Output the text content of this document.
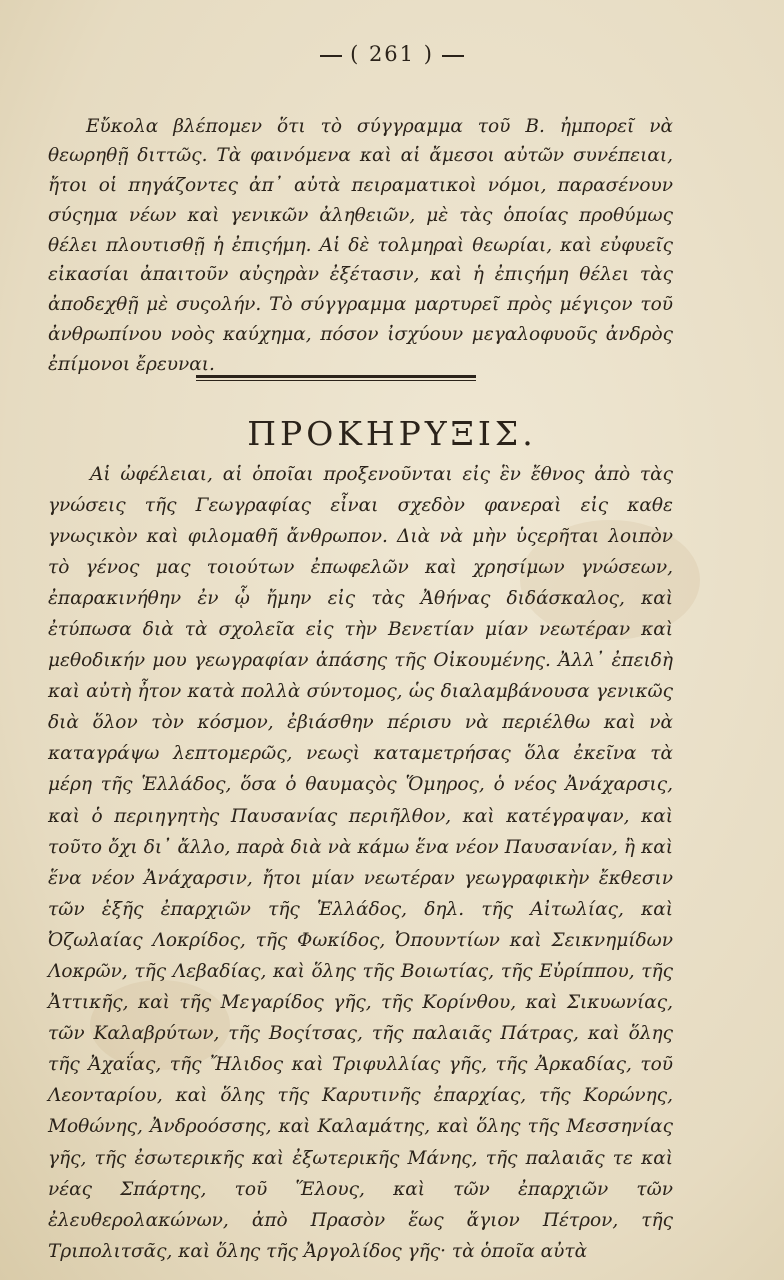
( 261 )

Εὔκολα βλέπομεν ὅτι τὸ σύγγραμμα τοῦ Β. ἠμπορεῖ νὰ θεωρηθῇ διττῶς. Τὰ φαινόμενα καὶ αἱ ἄμεσοι αὐτῶν συνέπειαι, ἤτοι οἱ πηγάζοντες ἀπ᾽ αὐτὰ πειραματικοὶ νόμοι, παρασένουν σύςημα νέων καὶ γενικῶν ἀληθειῶν, μὲ τὰς ὁποίας προθύμως θέλει πλουτισθῇ ἡ ἐπιςήμη. Αἱ δὲ τολμηραὶ θεωρίαι, καὶ εὐφυεῖς εἰκασίαι ἀπαιτοῦν αὐςηρὰν ἐξέτασιν, καὶ ἡ ἐπιςήμη θέλει τὰς ἀποδεχθῇ μὲ συςολήν. Τὸ σύγγραμμα μαρτυρεῖ πρὸς μέγιςον τοῦ ἀνθρωπίνου νοὸς καύχημα, πόσον ἰσχύουν μεγαλοφυοῦς ἀνδρὸς ἐπίμονοι ἔρευναι.

ΠΡΟΚΗΡΥΞΙΣ.

Αἱ ὠφέλειαι, αἱ ὁποῖαι προξενοῦνται εἰς ἓν ἔθνος ἀπὸ τὰς γνώσεις τῆς Γεωγραφίας εἶναι σχεδὸν φανεραὶ εἰς καθε γνωςικὸν καὶ φιλομαθῆ ἄνθρωπον. Διὰ νὰ μὴν ὑςερῆται λοιπὸν τὸ γένος μας τοιούτων ἐπωφελῶν καὶ χρησίμων γνώσεων, ἐπαρακινήθην ἐν ᾧ ἤμην εἰς τὰς Ἀθήνας διδάσκαλος, καὶ ἐτύπωσα διὰ τὰ σχολεῖα εἰς τὴν Βενετίαν μίαν νεωτέραν καὶ μεθοδικήν μου γεωγραφίαν ἁπάσης τῆς Οἰκουμένης. Ἀλλ᾽ ἐπειδὴ καὶ αὐτὴ ἦτον κατὰ πολλὰ σύντομος, ὡς διαλαμβάνουσα γενικῶς διὰ ὅλον τὸν κόσμον, ἐβιάσθην πέρισυ νὰ περιέλθω καὶ νὰ καταγράψω λεπτομερῶς, νεωςὶ καταμετρήσας ὅλα ἐκεῖνα τὰ μέρη τῆς Ἑλλάδος, ὅσα ὁ θαυμαςὸς Ὅμηρος, ὁ νέος Ἀνάχαρσις, καὶ ὁ περιηγητὴς Παυσανίας περιῆλθον, καὶ κατέγραψαν, καὶ τοῦτο ὄχι δι᾽ ἄλλο, παρὰ διὰ νὰ κάμω ἕνα νέον Παυσανίαν, ἢ καὶ ἕνα νέον Ἀνάχαρσιν, ἤτοι μίαν νεωτέραν γεωγραφικὴν ἔκθεσιν τῶν ἑξῆς ἐπαρχιῶν τῆς Ἑλλάδος, δηλ. τῆς Αἰτωλίας, καὶ Ὀζωλαίας Λοκρίδος, τῆς Φωκίδος, Ὀπουντίων καὶ Σεικνημίδων Λοκρῶν, τῆς Λεβαδίας, καὶ ὅλης τῆς Βοιωτίας, τῆς Εὐρίππου, τῆς Ἀττικῆς, καὶ τῆς Μεγαρίδος γῆς, τῆς Κορίνθου, καὶ Σικυωνίας, τῶν Καλαβρύτων, τῆς Βοςίτσας, τῆς παλαιᾶς Πάτρας, καὶ ὅλης τῆς Ἀχαΐας, τῆς Ἤλιδος καὶ Τριφυλλίας γῆς, τῆς Ἀρκαδίας, τοῦ Λεονταρίου, καὶ ὅλης τῆς Καρυτινῆς ἐπαρχίας, τῆς Κορώνης, Μοθώνης, Ἀνδροόσσης, καὶ Καλαμάτης, καὶ ὅλης τῆς Μεσσηνίας γῆς, τῆς ἐσωτερικῆς καὶ ἐξωτερικῆς Μάνης, τῆς παλαιᾶς τε καὶ νέας Σπάρτης, τοῦ Ἕλους, καὶ τῶν ἐπαρχιῶν τῶν ἐλευθερολακώνων, ἀπὸ Πρασὸν ἕως ἅγιον Πέτρον, τῆς Τριπολιτσᾶς, καὶ ὅλης τῆς Ἀργολίδος γῆς· τὰ ὁποῖα αὐτὰ
